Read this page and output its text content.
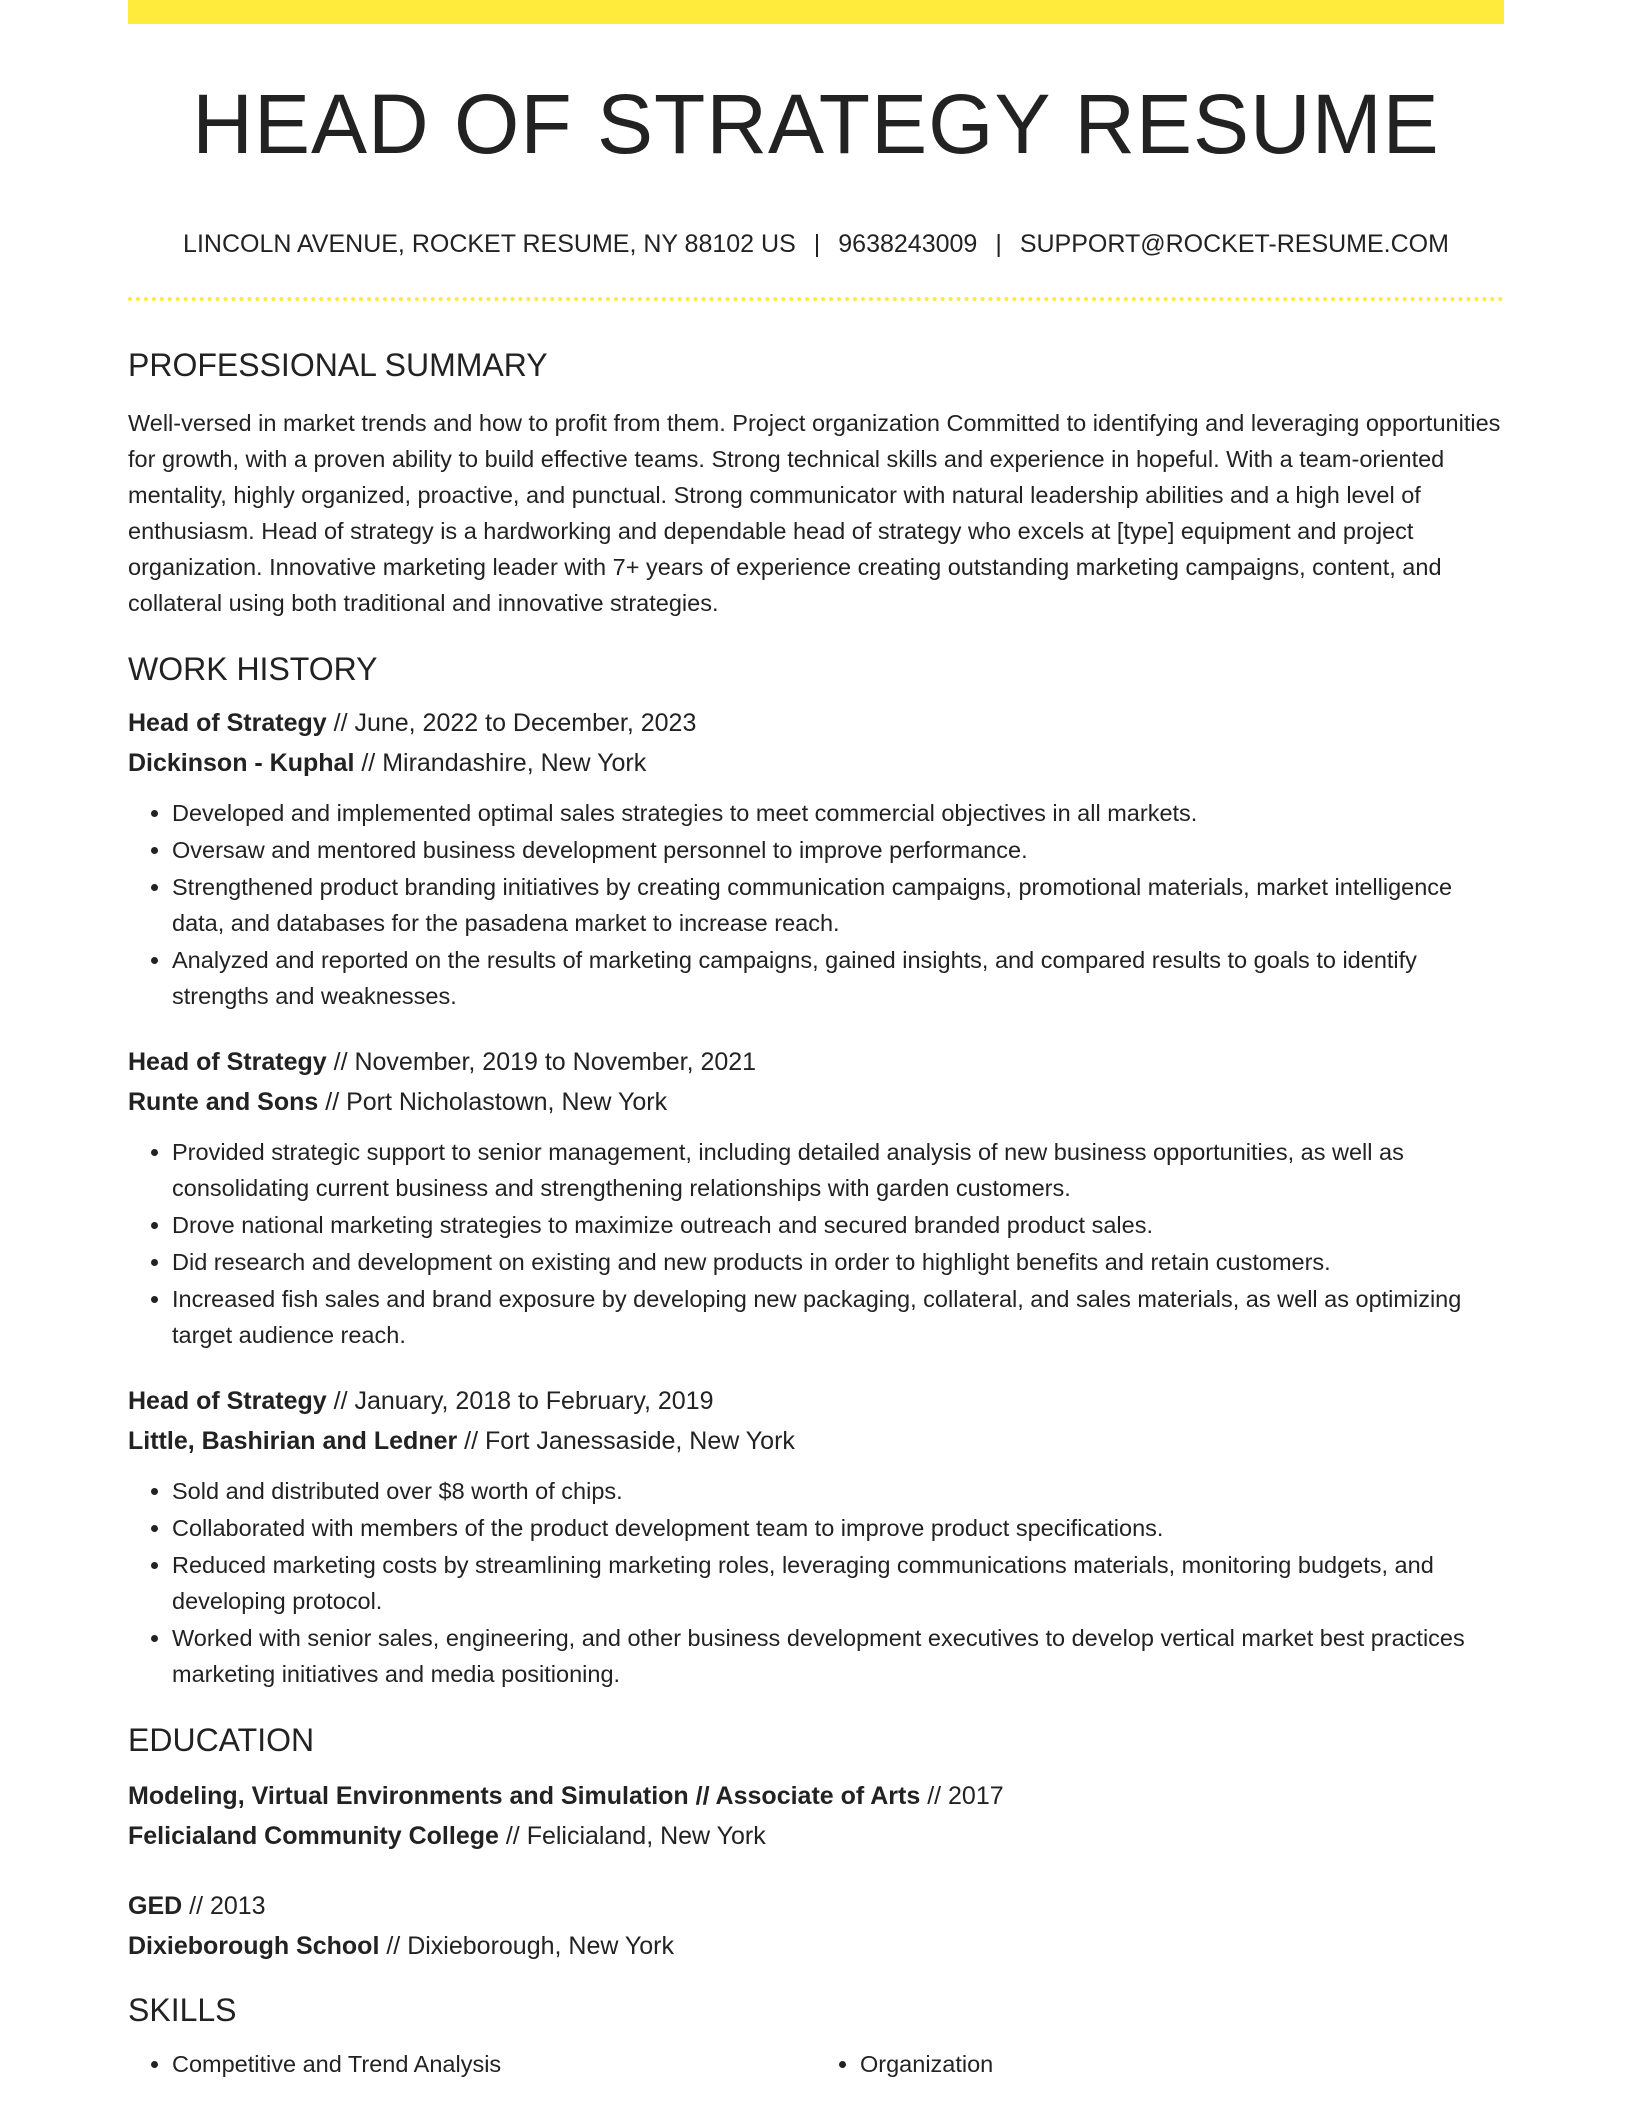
HEAD OF STRATEGY RESUME
LINCOLN AVENUE, ROCKET RESUME, NY 88102 US | 9638243009 | SUPPORT@ROCKET-RESUME.COM
PROFESSIONAL SUMMARY

Well-versed in market trends and how to profit from them. Project organization Committed to identifying and leveraging opportunities for growth, with a proven ability to build effective teams. Strong technical skills and experience in hopeful. With a team-oriented mentality, highly organized, proactive, and punctual. Strong communicator with natural leadership abilities and a high level of enthusiasm. Head of strategy is a hardworking and dependable head of strategy who excels at [type] equipment and project organization. Innovative marketing leader with 7+ years of experience creating outstanding marketing campaigns, content, and collateral using both traditional and innovative strategies.

WORK HISTORY
Head of Strategy // June, 2022 to December, 2023
Dickinson - Kuphal // Mirandashire, New York
• Developed and implemented optimal sales strategies to meet commercial objectives in all markets.
• Oversaw and mentored business development personnel to improve performance.
• Strengthened product branding initiatives by creating communication campaigns, promotional materials, market intelligence data, and databases for the pasadena market to increase reach.
• Analyzed and reported on the results of marketing campaigns, gained insights, and compared results to goals to identify strengths and weaknesses.
Head of Strategy // November, 2019 to November, 2021
Runte and Sons // Port Nicholastown, New York
• Provided strategic support to senior management, including detailed analysis of new business opportunities, as well as consolidating current business and strengthening relationships with garden customers.
• Drove national marketing strategies to maximize outreach and secured branded product sales.
• Did research and development on existing and new products in order to highlight benefits and retain customers.
• Increased fish sales and brand exposure by developing new packaging, collateral, and sales materials, as well as optimizing target audience reach.
Head of Strategy // January, 2018 to February, 2019
Little, Bashirian and Ledner // Fort Janessaside, New York
• Sold and distributed over $8 worth of chips.
• Collaborated with members of the product development team to improve product specifications.
• Reduced marketing costs by streamlining marketing roles, leveraging communications materials, monitoring budgets, and developing protocol.
• Worked with senior sales, engineering, and other business development executives to develop vertical market best practices marketing initiatives and media positioning.
EDUCATION
Modeling, Virtual Environments and Simulation // Associate of Arts // 2017
Felicialand Community College // Felicialand, New York
GED // 2013
Dixieborough School // Dixieborough, New York
SKILLS
• Competitive and Trend Analysis
•	Organization
